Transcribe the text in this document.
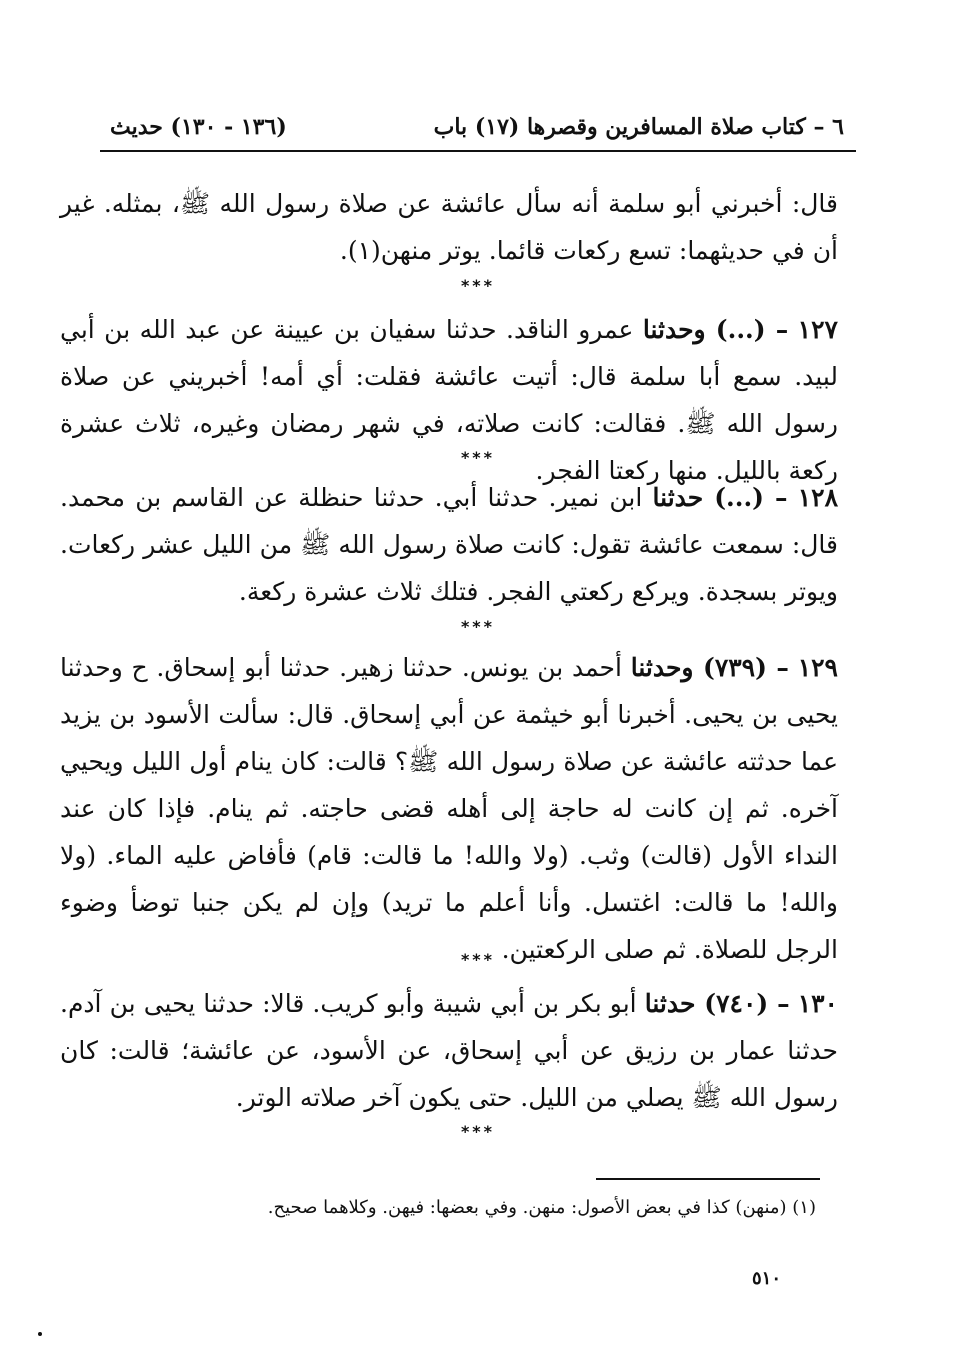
٦ – كتاب صلاة المسافرين وقصرها (١٧) باب
(١٣٦ - ١٣٠) حديث
قال: أخبرني أبو سلمة أنه سأل عائشة عن صلاة رسول الله ﷺ، بمثله. غير أن في حديثهما: تسع ركعات قائما. يوتر منهن(١).
***
١٢٧ – (...) وحدثنا عمرو الناقد. حدثنا سفيان بن عيينة عن عبد الله بن أبي لبيد. سمع أبا سلمة قال: أتيت عائشة فقلت: أي أمه! أخبريني عن صلاة رسول الله ﷺ. فقالت: كانت صلاته، في شهر رمضان وغيره، ثلاث عشرة ركعة بالليل. منها ركعتا الفجر.
***
١٢٨ – (...) حدثنا ابن نمير. حدثنا أبي. حدثنا حنظلة عن القاسم بن محمد. قال: سمعت عائشة تقول: كانت صلاة رسول الله ﷺ من الليل عشر ركعات. ويوتر بسجدة. ويركع ركعتي الفجر. فتلك ثلاث عشرة ركعة.
***
١٢٩ – (٧٣٩) وحدثنا أحمد بن يونس. حدثنا زهير. حدثنا أبو إسحاق. ح وحدثنا يحيى بن يحيى. أخبرنا أبو خيثمة عن أبي إسحاق. قال: سألت الأسود بن يزيد عما حدثته عائشة عن صلاة رسول الله ﷺ؟ قالت: كان ينام أول الليل ويحيي آخره. ثم إن كانت له حاجة إلى أهله قضى حاجته. ثم ينام. فإذا كان عند النداء الأول (قالت) وثب. (ولا والله! ما قالت: قام) فأفاض عليه الماء. (ولا والله! ما قالت: اغتسل. وأنا أعلم ما تريد) وإن لم يكن جنبا توضأ وضوء الرجل للصلاة. ثم صلى الركعتين.
***
١٣٠ – (٧٤٠) حدثنا أبو بكر بن أبي شيبة وأبو كريب. قالا: حدثنا يحيى بن آدم. حدثنا عمار بن رزيق عن أبي إسحاق، عن الأسود، عن عائشة؛ قالت: كان رسول الله ﷺ يصلي من الليل. حتى يكون آخر صلاته الوتر.
***
(١) (منهن) كذا في بعض الأصول: منهن. وفي بعضها: فيهن. وكلاهما صحيح.
٥١٠
